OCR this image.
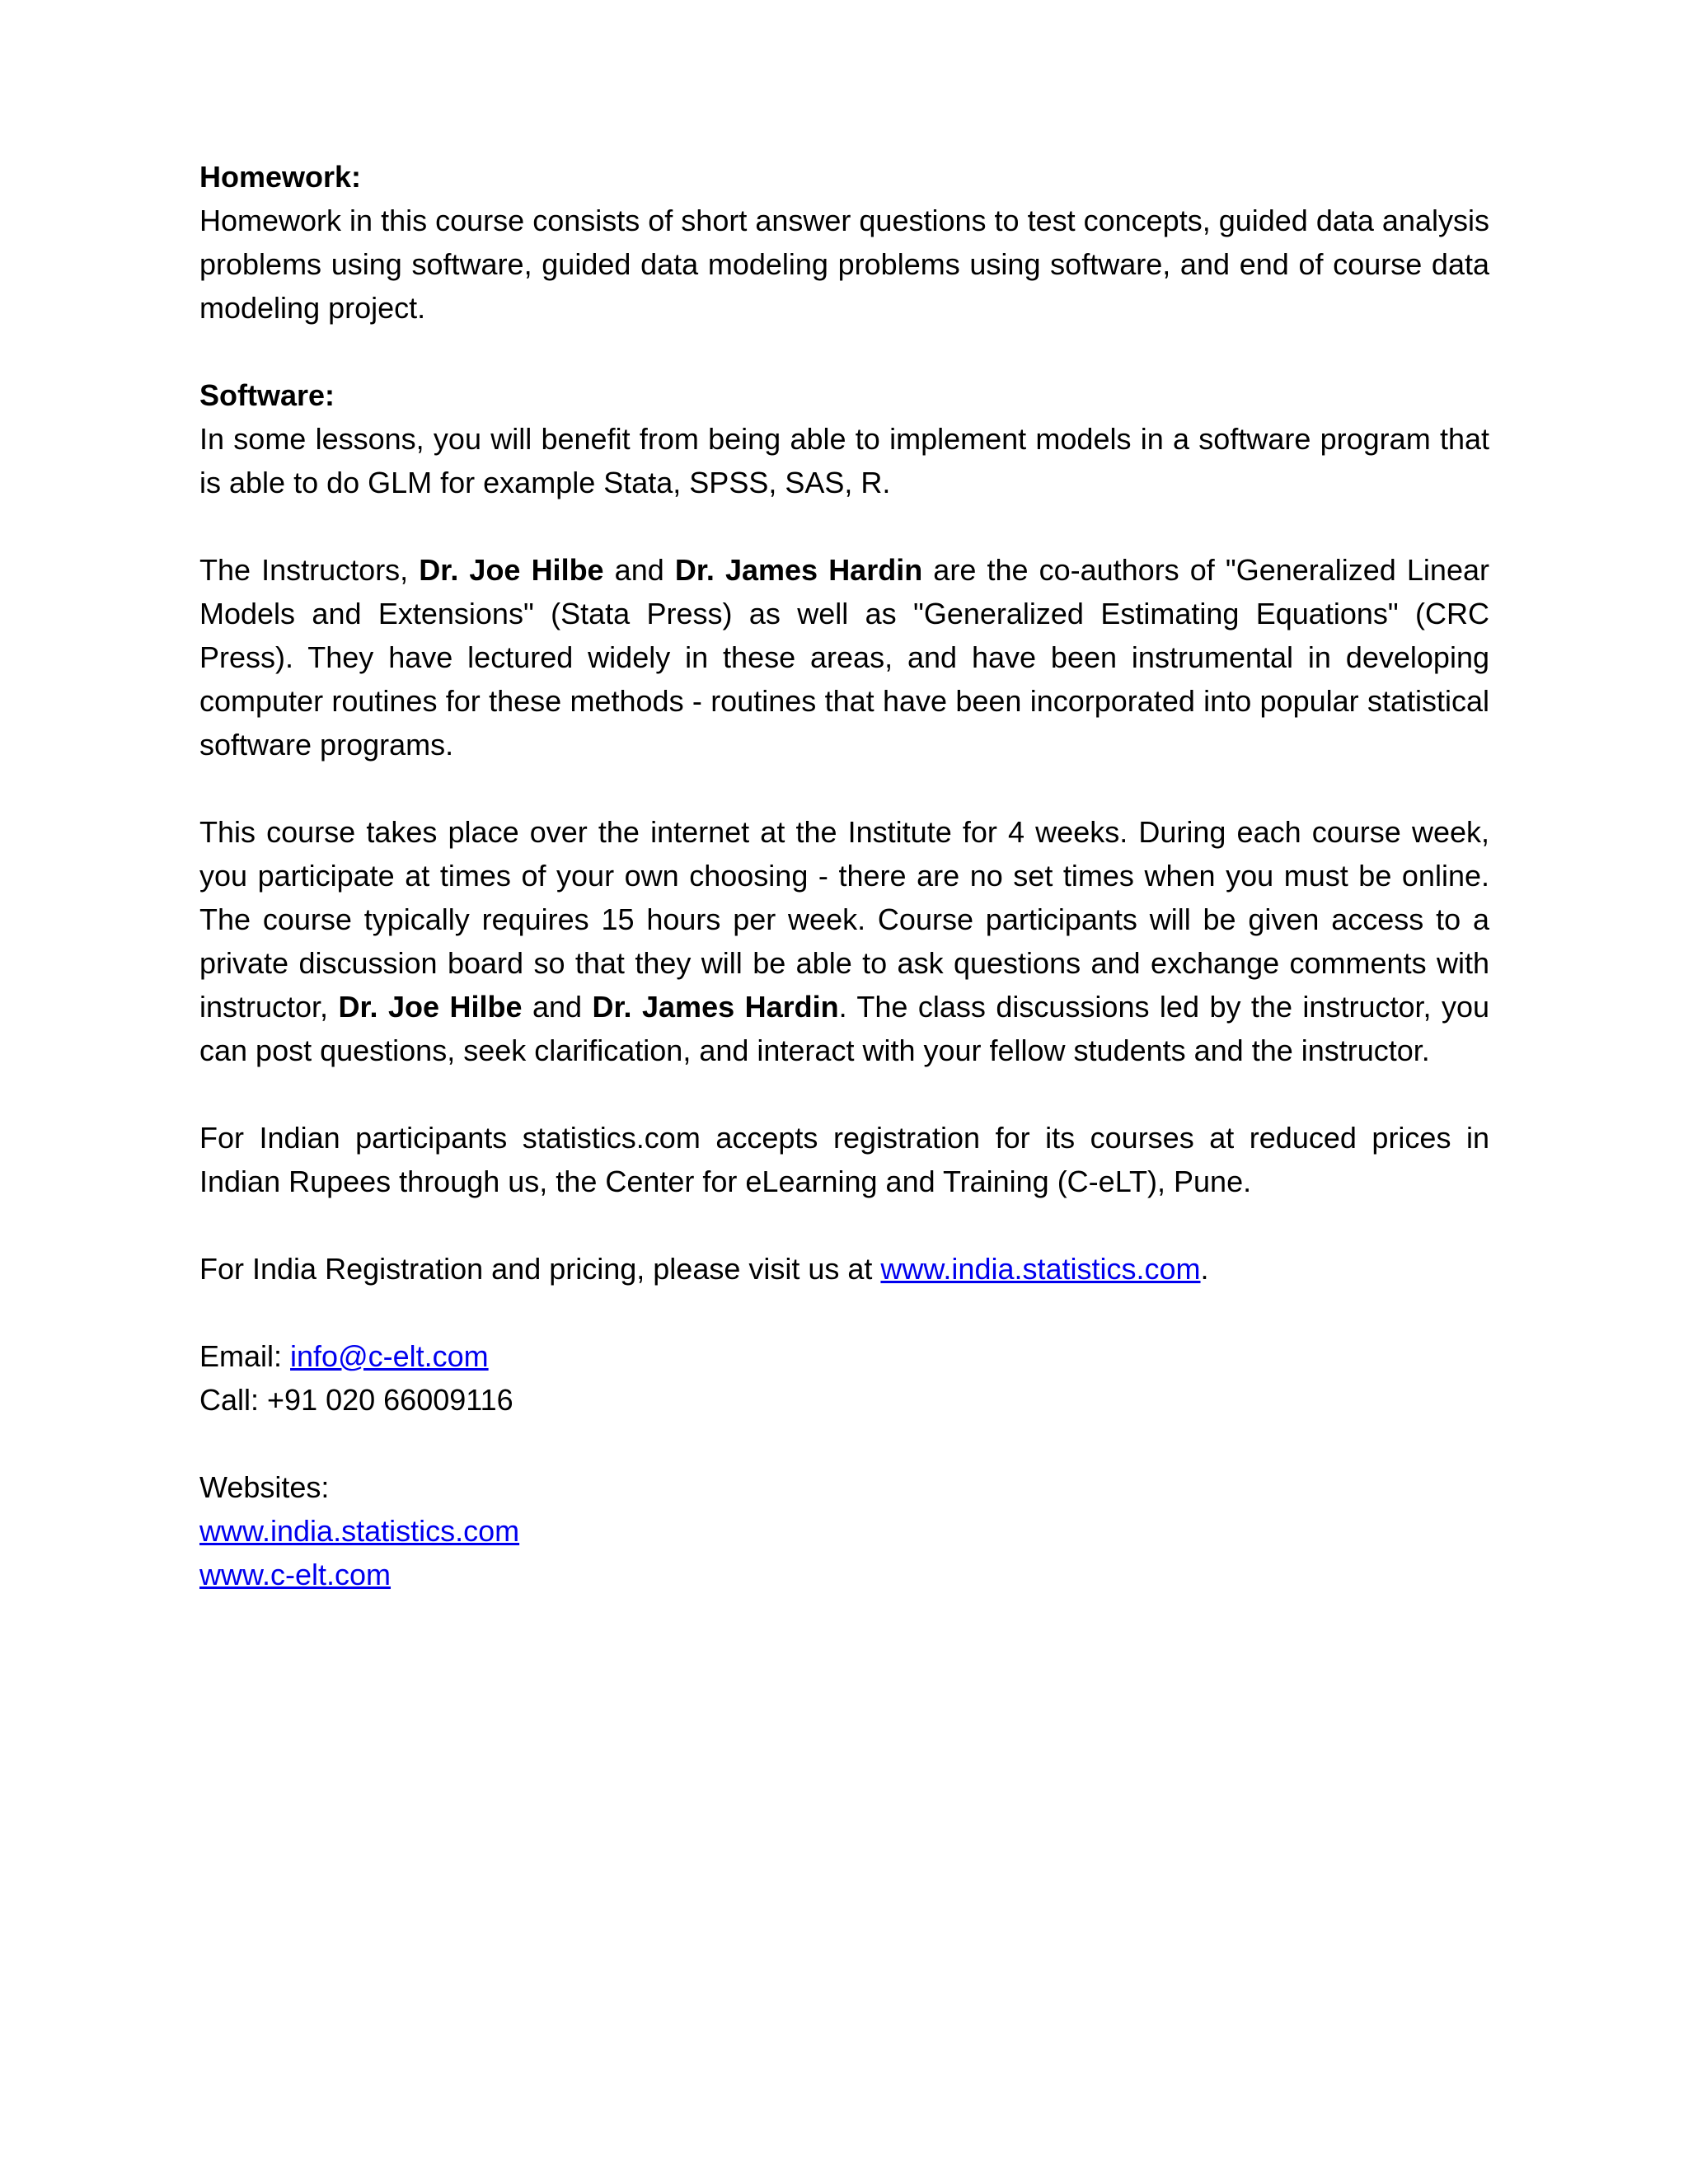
Homework:
Homework in this course consists of short answer questions to test concepts, guided data analysis problems using software, guided data modeling problems using software, and end of course data modeling project.
Software:
In some lessons, you will benefit from being able to implement models in a software program that is able to do GLM for example Stata, SPSS, SAS, R.
The Instructors, Dr. Joe Hilbe and Dr. James Hardin are the co-authors of "Generalized Linear Models and Extensions" (Stata Press) as well as "Generalized Estimating Equations" (CRC Press). They have lectured widely in these areas, and have been instrumental in developing computer routines for these methods - routines that have been incorporated into popular statistical software programs.
This course takes place over the internet at the Institute for 4 weeks. During each course week, you participate at times of your own choosing - there are no set times when you must be online. The course typically requires 15 hours per week. Course participants will be given access to a private discussion board so that they will be able to ask questions and exchange comments with instructor, Dr. Joe Hilbe and Dr. James Hardin. The class discussions led by the instructor, you can post questions, seek clarification, and interact with your fellow students and the instructor.
For Indian participants statistics.com accepts registration for its courses at reduced prices in Indian Rupees through us, the Center for eLearning and Training (C-eLT), Pune.
For India Registration and pricing, please visit us at www.india.statistics.com.
Email: info@c-elt.com
Call: +91 020 66009116
Websites:
www.india.statistics.com
www.c-elt.com
